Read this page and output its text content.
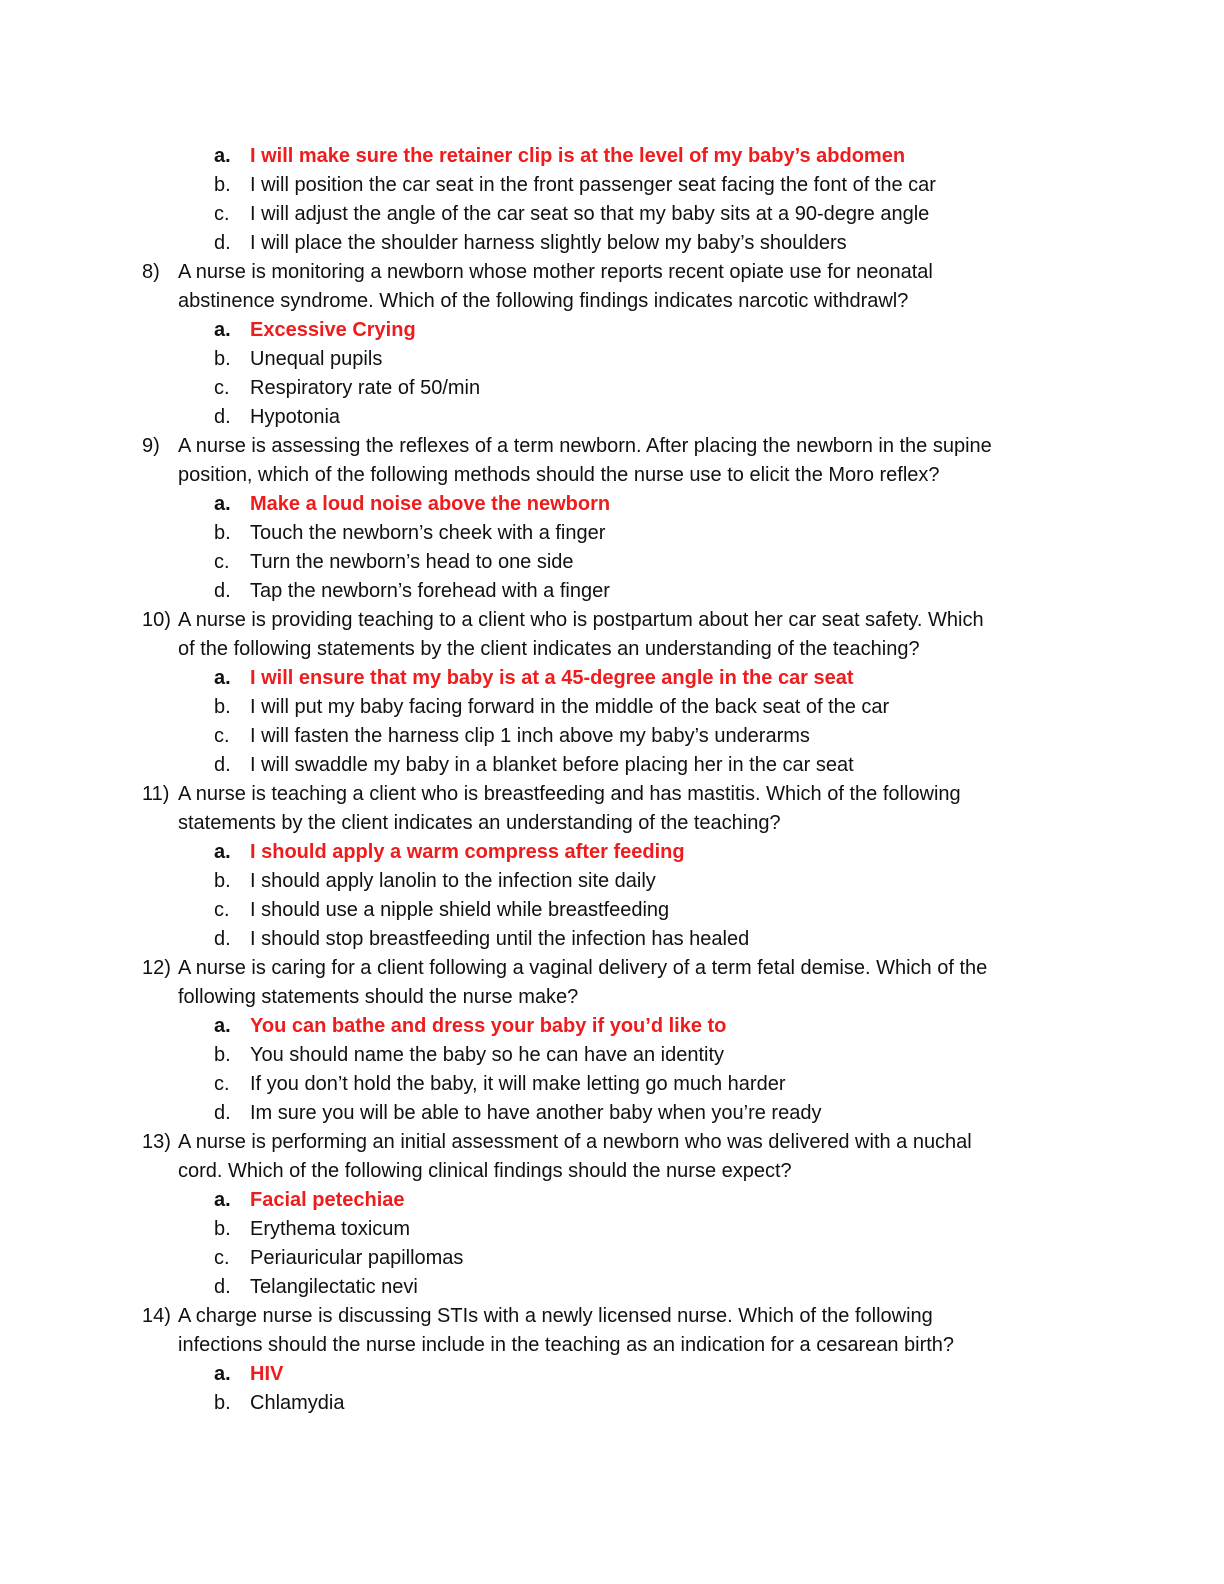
a. I will make sure the retainer clip is at the level of my baby’s abdomen
b. I will position the car seat in the front passenger seat facing the font of the car
c. I will adjust the angle of the car seat so that my baby sits at a 90-degre angle
d. I will place the shoulder harness slightly below my baby’s shoulders
8) A nurse is monitoring a newborn whose mother reports recent opiate use for neonatal
abstinence syndrome. Which of the following findings indicates narcotic withdrawl?
a. Excessive Crying
b. Unequal pupils
c. Respiratory rate of 50/min
d. Hypotonia
9) A nurse is assessing the reflexes of a term newborn. After placing the newborn in the supine
position, which of the following methods should the nurse use to elicit the Moro reflex?
a. Make a loud noise above the newborn
b. Touch the newborn’s cheek with a finger
c. Turn the newborn’s head to one side
d. Tap the newborn’s forehead with a finger
10) A nurse is providing teaching to a client who is postpartum about her car seat safety. Which
of the following statements by the client indicates an understanding of the teaching?
a. I will ensure that my baby is at a 45-degree angle in the car seat
b. I will put my baby facing forward in the middle of the back seat of the car
c. I will fasten the harness clip 1 inch above my baby’s underarms
d. I will swaddle my baby in a blanket before placing her in the car seat
11) A nurse is teaching a client who is breastfeeding and has mastitis. Which of the following
statements by the client indicates an understanding of the teaching?
a. I should apply a warm compress after feeding
b. I should apply lanolin to the infection site daily
c. I should use a nipple shield while breastfeeding
d. I should stop breastfeeding until the infection has healed
12) A nurse is caring for a client following a vaginal delivery of a term fetal demise. Which of the
following statements should the nurse make?
a. You can bathe and dress your baby if you’d like to
b. You should name the baby so he can have an identity
c. If you don’t hold the baby, it will make letting go much harder
d. Im sure you will be able to have another baby when you’re ready
13) A nurse is performing an initial assessment of a newborn who was delivered with a nuchal
cord. Which of the following clinical findings should the nurse expect?
a. Facial petechiae
b. Erythema toxicum
c. Periauricular papillomas
d. Telangilectatic nevi
14) A charge nurse is discussing STIs with a newly licensed nurse. Which of the following
infections should the nurse include in the teaching as an indication for a cesarean birth?
a. HIV
b. Chlamydia
